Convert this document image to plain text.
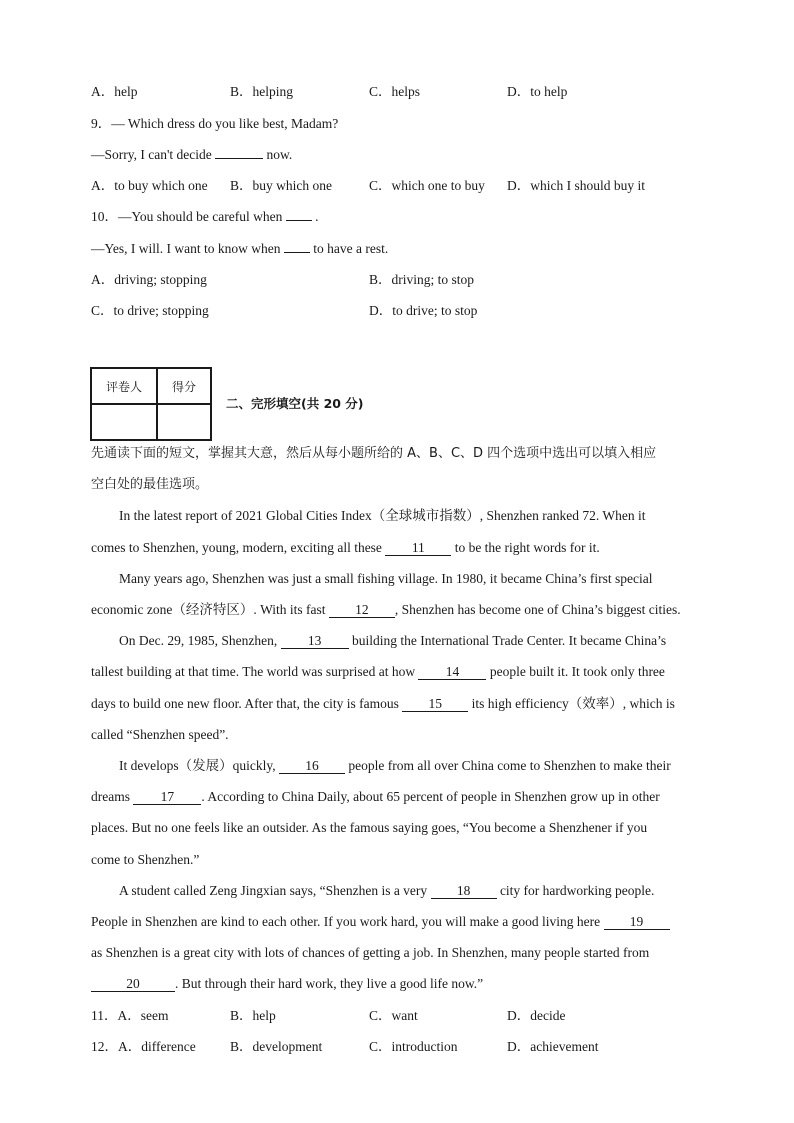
A．help	B．helping	C．helps	D．to help
9．— Which dress do you like best, Madam?
—Sorry, I can't decide	now.
A．to buy which one B．buy which one	C．which one to buy D．which I should buy it
10．—You should be careful when  .
—Yes, I will. I want to know when  to have a rest.
A．driving; stopping	B．driving; to stop
C．to drive; stopping	D．to drive; to stop
评卷人	得分

二、完形填空(共 20 分)
先通读下面的短文，掌握其大意，然后从每小题所给的 A、B、C、D 四个选项中选出可以填入相应
空白处的最佳选项。
In the latest report of 2021 Global Cities Index（全球城市指数）, Shenzhen ranked 72. When it
comes to Shenzhen, young, modern, exciting all these 11 to be the right words for it.
Many years ago, Shenzhen was just a small fishing village. In 1980, it became China’s first special
economic zone（经济特区）. With its fast 12 , Shenzhen has become one of China’s biggest cities.
On Dec. 29, 1985, Shenzhen, 13 building the International Trade Center. It became China’s
tallest building at that time. The world was surprised at how 14 people built it. It took only three
days to build one new floor. After that, the city is famous 15 its high efficiency（效率）, which is
called “Shenzhen speed”.
It develops（发展）quickly, 16 people from all over China come to Shenzhen to make their
dreams 17 . According to China Daily, about 65 percent of people in Shenzhen grow up in other
places. But no one feels like an outsider. As the famous saying goes, “You become a Shenzhener if you
come to Shenzhen.”
A student called Zeng Jingxian says, “Shenzhen is a very 18 city for hardworking people.
People in Shenzhen are kind to each other. If you work hard, you will make a good living here 19
as Shenzhen is a great city with lots of chances of getting a job. In Shenzhen, many people started from
20	. But through their hard work, they live a good life now.”
11．A．seem	B．help	C．want	D．decide
12．A．difference	B．development	C．introduction	D．achievement
